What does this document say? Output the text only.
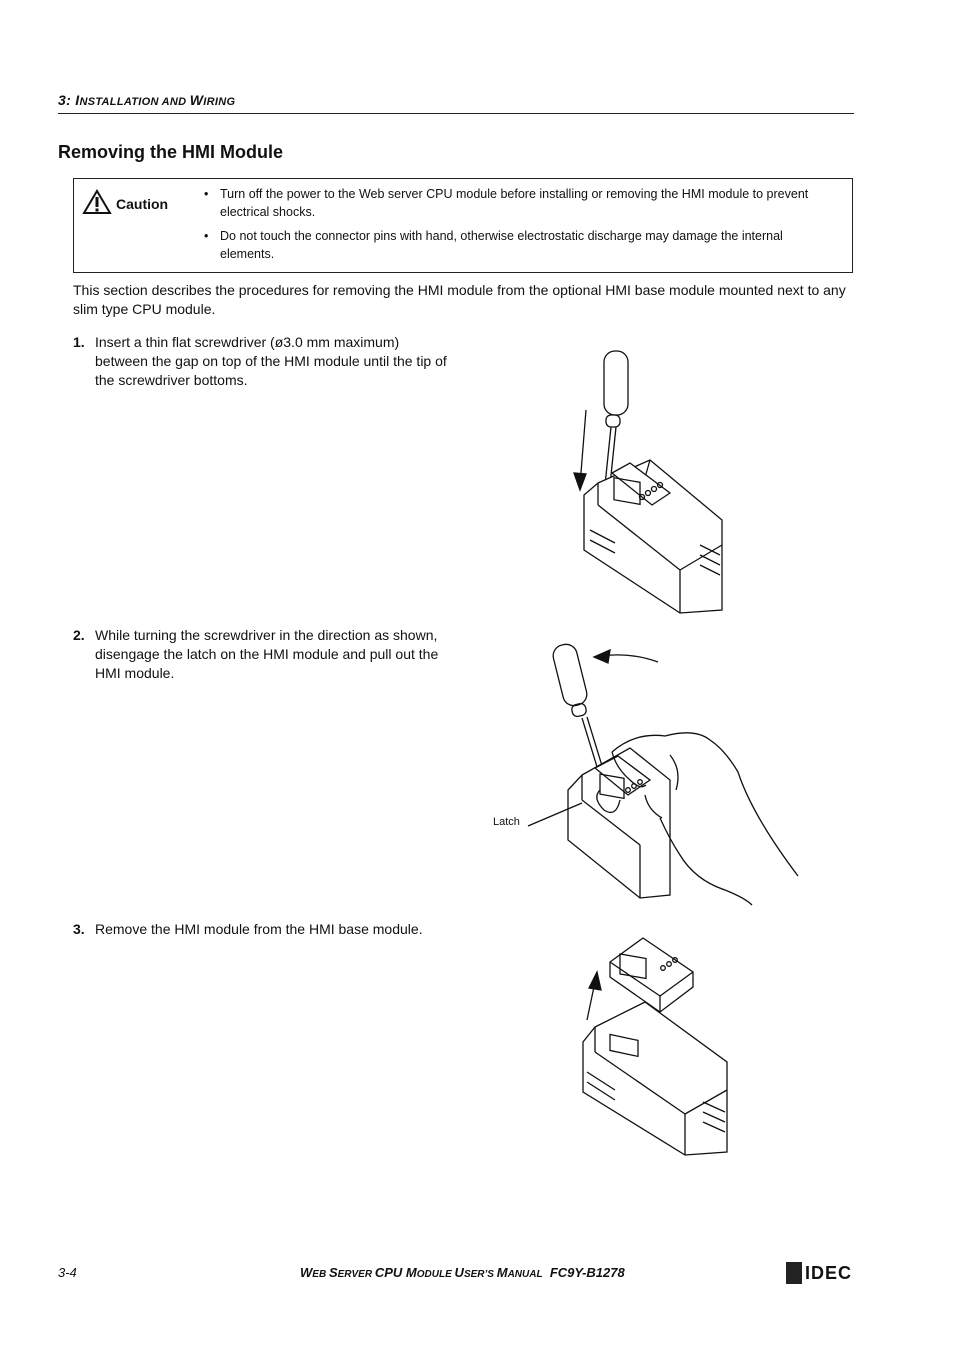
3: INSTALLATION AND WIRING
Removing the HMI Module
Caution
• Turn off the power to the Web server CPU module before installing or removing the HMI module to prevent electrical shocks.
• Do not touch the connector pins with hand, otherwise electrostatic discharge may damage the internal elements.
This section describes the procedures for removing the HMI module from the optional HMI base module mounted next to any slim type CPU module.
1. Insert a thin flat screwdriver (ø3.0 mm maximum) between the gap on top of the HMI module until the tip of the screwdriver bottoms.
2. While turning the screwdriver in the direction as shown, disengage the latch on the HMI module and pull out the HMI module.
3. Remove the HMI module from the HMI base module.
Latch
3-4	WEB SERVER CPU MODULE USER’S MANUAL FC9Y-B1278	IDEC
